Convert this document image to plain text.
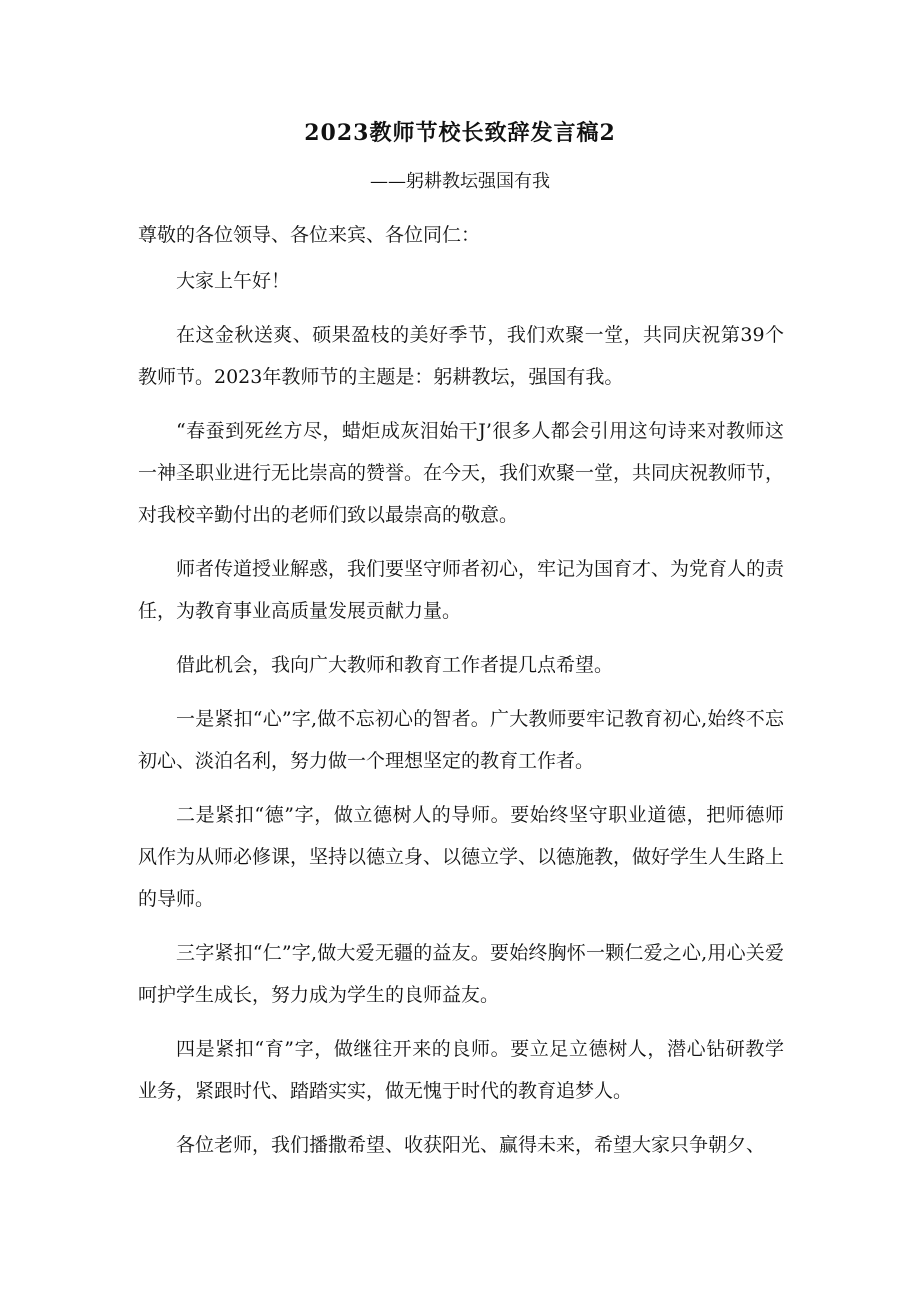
2023教师节校长致辞发言稿2
——躬耕教坛强国有我

尊敬的各位领导、各位来宾、各位同仁：

大家上午好！

在这金秋送爽、硕果盈枝的美好季节，我们欢聚一堂，共同庆祝第39个教师节。2023年教师节的主题是：躬耕教坛，强国有我。

“春蚕到死丝方尽，蜡炬成灰泪始干J’很多人都会引用这句诗来对教师这一神圣职业进行无比崇高的赞誉。在今天，我们欢聚一堂，共同庆祝教师节，对我校辛勤付出的老师们致以最崇高的敬意。

师者传道授业解惑，我们要坚守师者初心，牢记为国育才、为党育人的责任，为教育事业高质量发展贡献力量。

借此机会，我向广大教师和教育工作者提几点希望。

一是紧扣“心”字,做不忘初心的智者。广大教师要牢记教育初心,始终不忘初心、淡泊名利，努力做一个理想坚定的教育工作者。

二是紧扣“德”字，做立德树人的导师。要始终坚守职业道德，把师德师风作为从师必修课，坚持以德立身、以德立学、以德施教，做好学生人生路上的导师。

三字紧扣“仁”字,做大爱无疆的益友。要始终胸怀一颗仁爱之心,用心关爱呵护学生成长，努力成为学生的良师益友。

四是紧扣“育”字，做继往开来的良师。要立足立德树人，潜心钻研教学业务，紧跟时代、踏踏实实，做无愧于时代的教育追梦人。

各位老师，我们播撒希望、收获阳光、赢得未来，希望大家只争朝夕、
